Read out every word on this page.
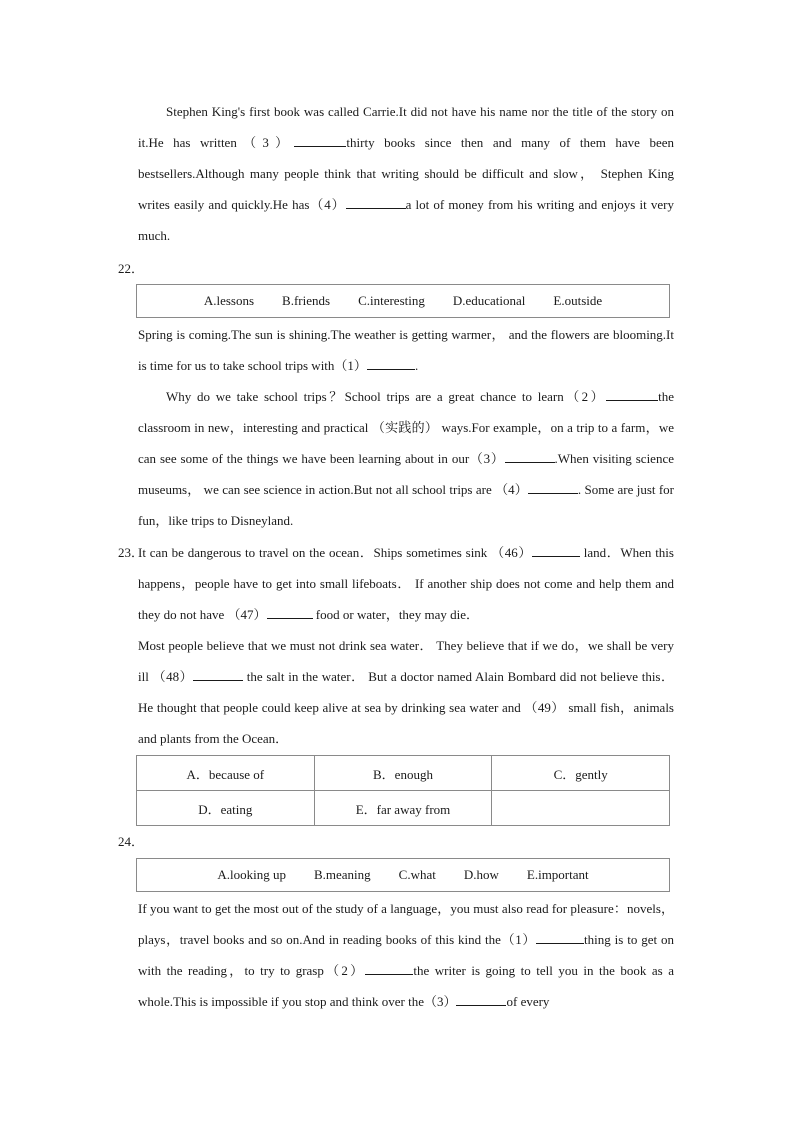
Stephen King's first book was called Carrie.It did not have his name nor the title of the story on it.He has written（3）	thirty books since then and many of them have been bestsellers.Although many people think that writing should be difficult and slow， Stephen King writes easily and quickly.He has（4）	a lot of money from his writing and enjoys it very much.

22．
A.lessons B.friends C.interesting D.educational E.outside

Spring is coming.The sun is shining.The weather is getting warmer， and the flowers are blooming.It is time for us to take school trips with（1）	.

Why do we take school trips？School trips are a great chance to learn（2）	the classroom in new，interesting and practical （实践的） ways.For example，on a trip to a farm，we can see some of the things we have been learning about in our（3）	.When visiting science museums， we can see science in action.But not all school trips are （4）	. Some are just for fun，like trips to Disneyland.

23．

It can be dangerous to travel on the ocean．Ships sometimes sink （46）	land．When this happens，people have to get into small lifeboats． If another ship does not come and help them and they do not have （47）	food or water，they may die．

Most people believe that we must not drink sea water． They believe that if we do，we shall be very ill （48）	the salt in the water． But a doctor named Alain Bombard did not believe this． He thought that people could keep alive at sea by drinking sea water and （49） small fish，animals and plants from the Ocean．

A．because of	B．enough	C．gently
D．eating	E．far away from	
24．
A.looking up B.meaning C.what D.how E.important

If you want to get the most out of the study of a language，you must also read for pleasure：novels，plays，travel books and so on.And in reading books of this kind the（1）	thing is to get on with the reading，to try to grasp（2）	the writer is going to tell you in the book as a whole.This is impossible if you stop and think over the（3）	of every
